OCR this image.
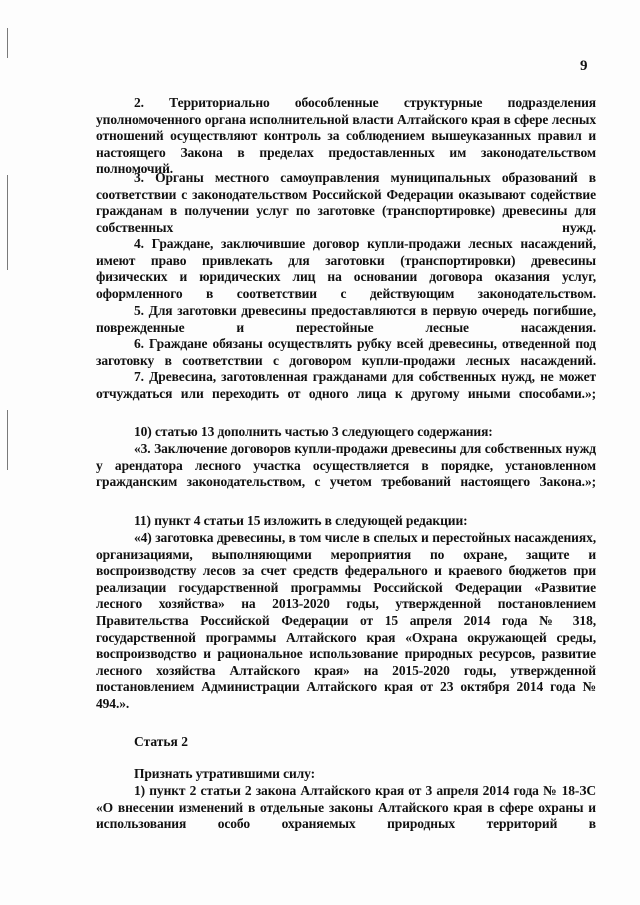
9

2. Территориально обособленные структурные подразделения уполномоченного органа исполнительной власти Алтайского края в сфере лесных отношений осуществляют контроль за соблюдением вышеуказанных правил и настоящего Закона в пределах предоставленных им законодательством полномочий.

3. Органы местного самоуправления муниципальных образований в соответствии с законодательством Российской Федерации оказывают содействие гражданам в получении услуг по заготовке (транспортировке) древесины для собственных нужд.

4. Граждане, заключившие договор купли-продажи лесных насаждений, имеют право привлекать для заготовки (транспортировки) древесины физических и юридических лиц на основании договора оказания услуг, оформленного в соответствии с действующим законодательством.

5. Для заготовки древесины предоставляются в первую очередь погибшие, поврежденные и перестойные лесные насаждения.

6. Граждане обязаны осуществлять рубку всей древесины, отведенной под заготовку в соответствии с договором купли-продажи лесных насаждений.

7. Древесина, заготовленная гражданами для собственных нужд, не может отчуждаться или переходить от одного лица к другому иными способами.»;

10) статью 13 дополнить частью 3 следующего содержания:

«3. Заключение договоров купли-продажи древесины для собственных нужд у арендатора лесного участка осуществляется в порядке, установленном гражданским законодательством, с учетом требований настоящего Закона.»;

11) пункт 4 статьи 15 изложить в следующей редакции:

«4) заготовка древесины, в том числе в спелых и перестойных насаждениях, организациями, выполняющими мероприятия по охране, защите и воспроизводству лесов за счет средств федерального и краевого бюджетов при реализации государственной программы Российской Федерации «Развитие лесного хозяйства» на 2013-2020 годы, утвержденной постановлением Правительства Российской Федерации от 15 апреля 2014 года № 318, государственной программы Алтайского края «Охрана окружающей среды, воспроизводство и рациональное использование природных ресурсов, развитие лесного хозяйства Алтайского края» на 2015-2020 годы, утвержденной постановлением Администрации Алтайского края от 23 октября 2014 года № 494.».

Статья 2

Признать утратившими силу:

1) пункт 2 статьи 2 закона Алтайского края от 3 апреля 2014 года № 18-ЗС «О внесении изменений в отдельные законы Алтайского края в сфере охраны и использования особо охраняемых природных территорий в
